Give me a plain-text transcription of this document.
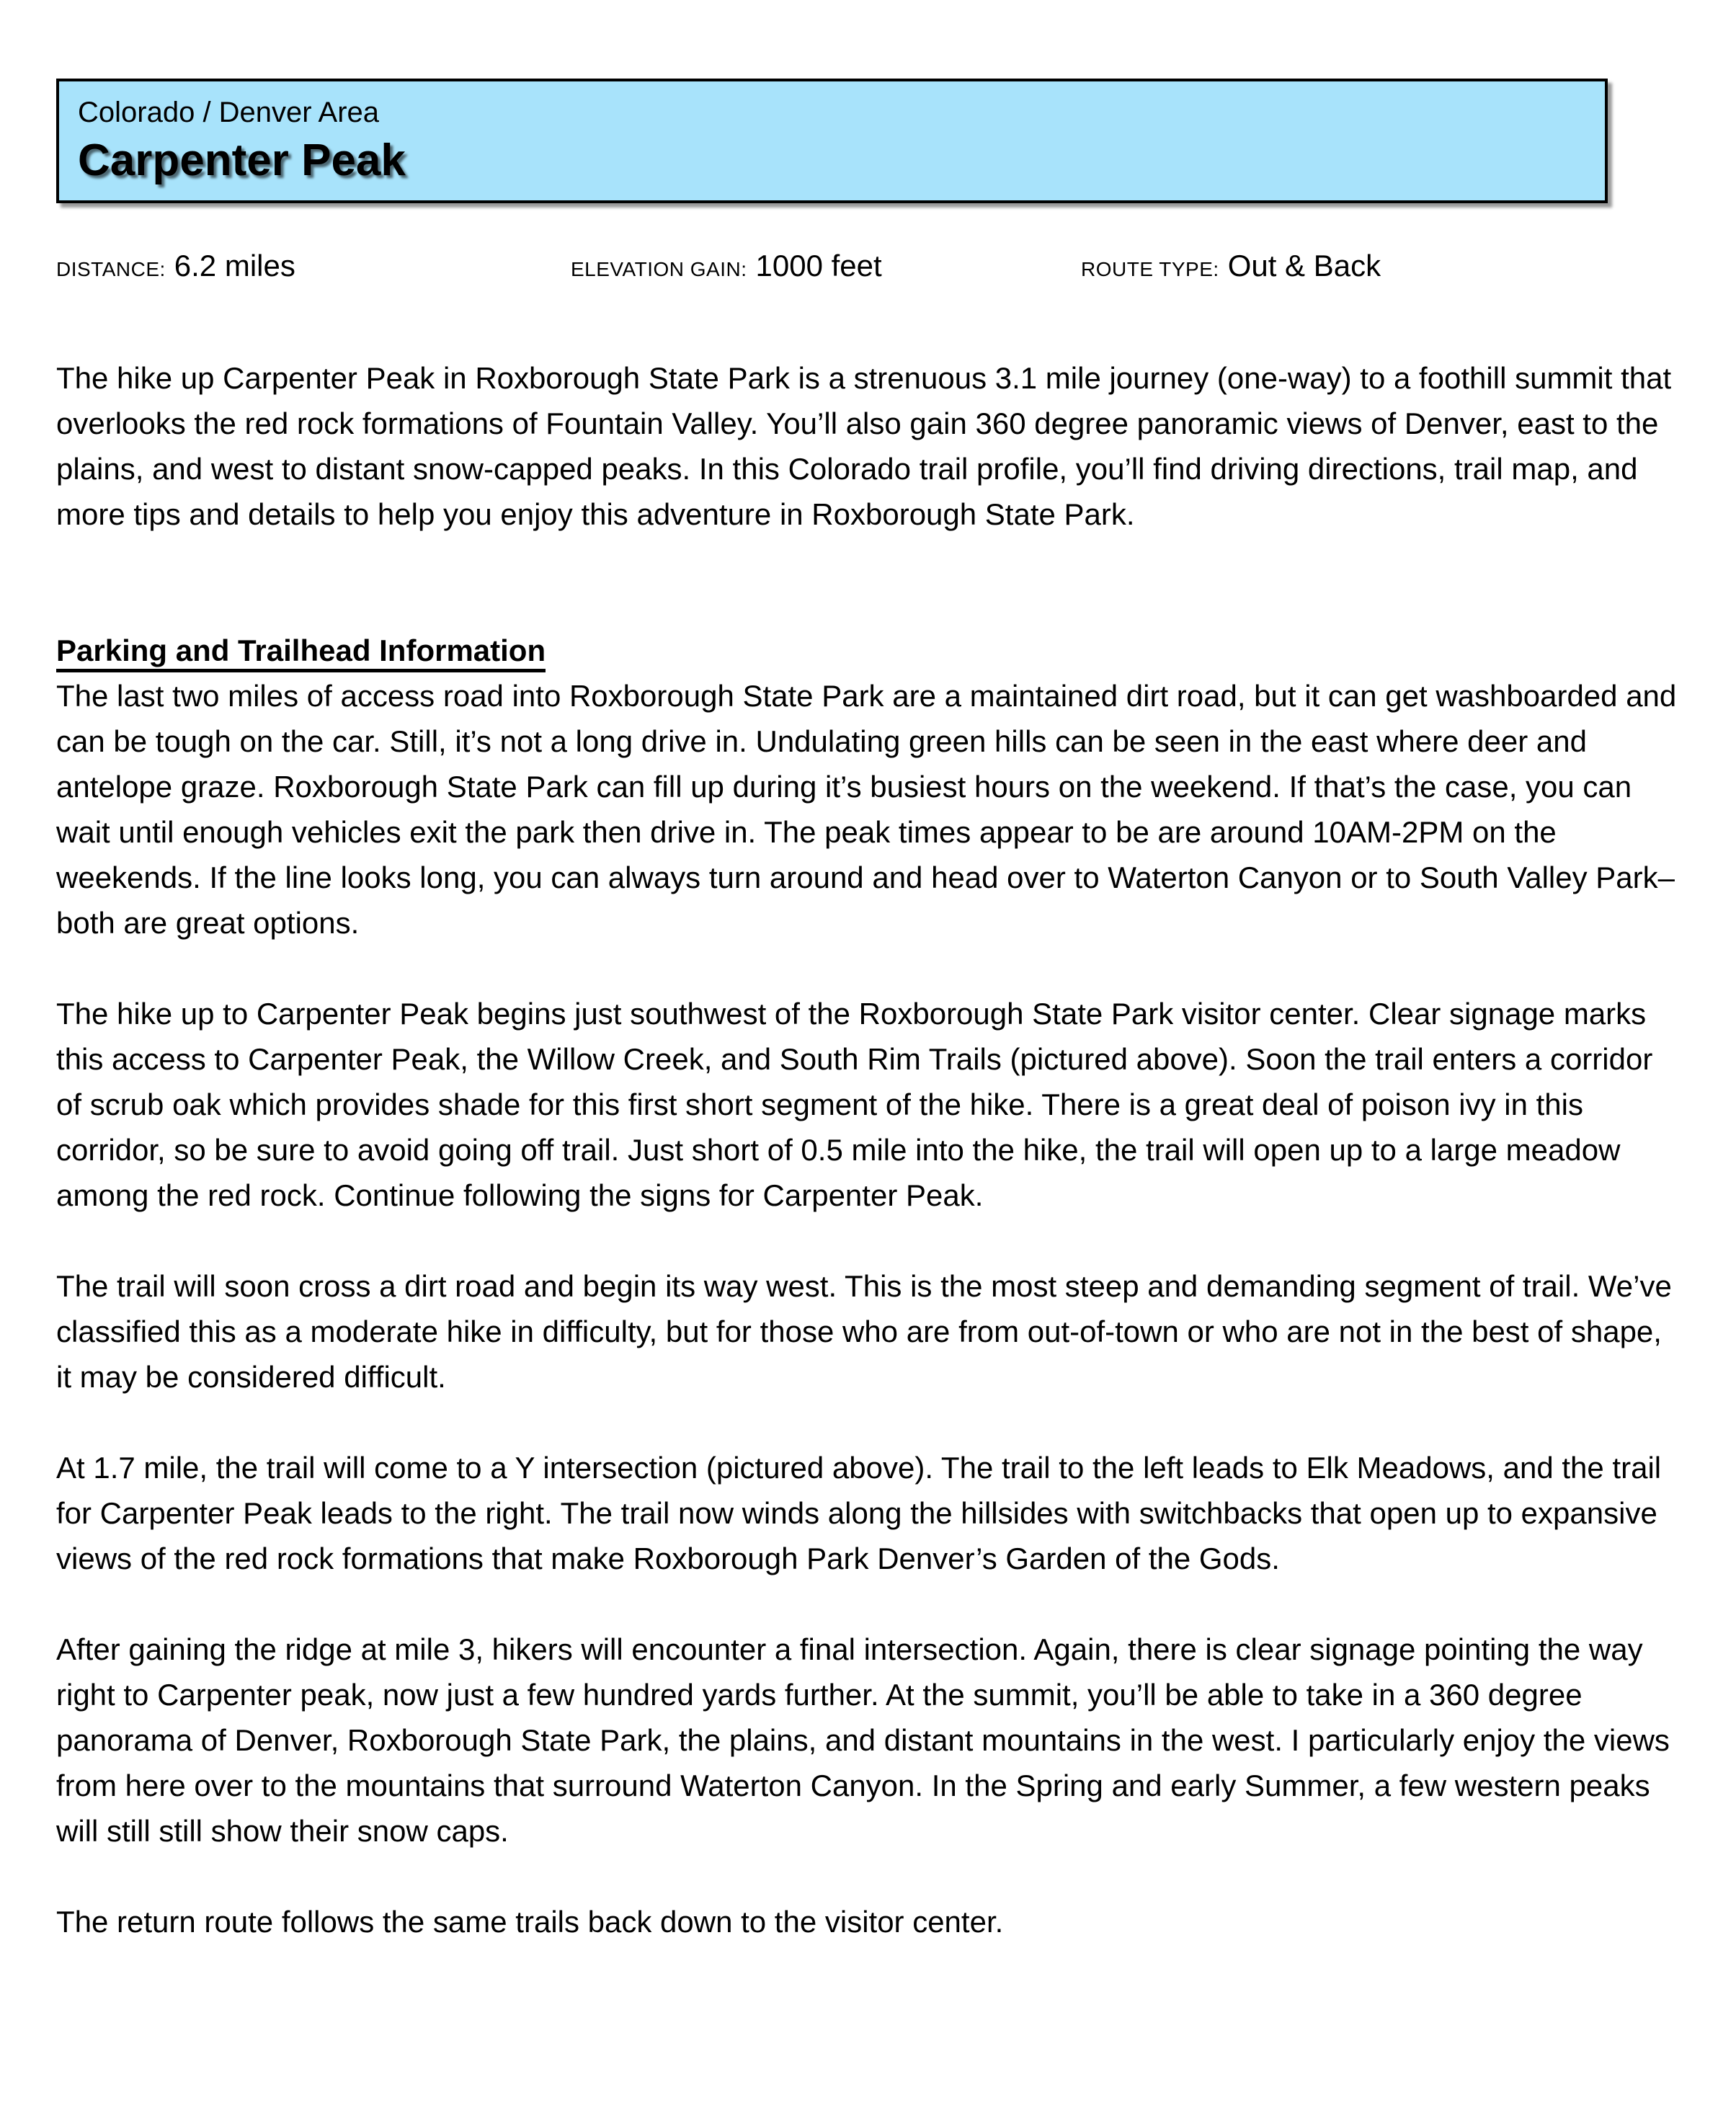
Colorado / Denver Area
Carpenter Peak
DISTANCE: 6.2 miles	ELEVATION GAIN: 1000 feet	ROUTE TYPE: Out & Back

The hike up Carpenter Peak in Roxborough State Park is a strenuous 3.1 mile journey (one-way) to a foothill summit that overlooks the red rock formations of Fountain Valley. You’ll also gain 360 degree panoramic views of Denver, east to the plains, and west to distant snow-capped peaks. In this Colorado trail profile, you’ll find driving directions, trail map, and more tips and details to help you enjoy this adventure in Roxborough State Park.

Parking and Trailhead Information

The last two miles of access road into Roxborough State Park are a maintained dirt road, but it can get washboarded and can be tough on the car. Still, it’s not a long drive in. Undulating green hills can be seen in the east where deer and antelope graze. Roxborough State Park can fill up during it’s busiest hours on the weekend. If that’s the case, you can wait until enough vehicles exit the park then drive in. The peak times appear to be are around 10AM-2PM on the weekends. If the line looks long, you can always turn around and head over to Waterton Canyon or to South Valley Park–both are great options.

The hike up to Carpenter Peak begins just southwest of the Roxborough State Park visitor center. Clear signage marks this access to Carpenter Peak, the Willow Creek, and South Rim Trails (pictured above). Soon the trail enters a corridor of scrub oak which provides shade for this first short segment of the hike. There is a great deal of poison ivy in this corridor, so be sure to avoid going off trail. Just short of 0.5 mile into the hike, the trail will open up to a large meadow among the red rock. Continue following the signs for Carpenter Peak.

The trail will soon cross a dirt road and begin its way west. This is the most steep and demanding segment of trail. We’ve classified this as a moderate hike in difficulty, but for those who are from out-of-town or who are not in the best of shape, it may be considered difficult.

At 1.7 mile, the trail will come to a Y intersection (pictured above). The trail to the left leads to Elk Meadows, and the trail for Carpenter Peak leads to the right. The trail now winds along the hillsides with switchbacks that open up to expansive views of the red rock formations that make Roxborough Park Denver’s Garden of the Gods.

After gaining the ridge at mile 3, hikers will encounter a final intersection. Again, there is clear signage pointing the way right to Carpenter peak, now just a few hundred yards further. At the summit, you’ll be able to take in a 360 degree panorama of Denver, Roxborough State Park, the plains, and distant mountains in the west. I particularly enjoy the views from here over to the mountains that surround Waterton Canyon. In the Spring and early Summer, a few western peaks will still still show their snow caps.

The return route follows the same trails back down to the visitor center.
